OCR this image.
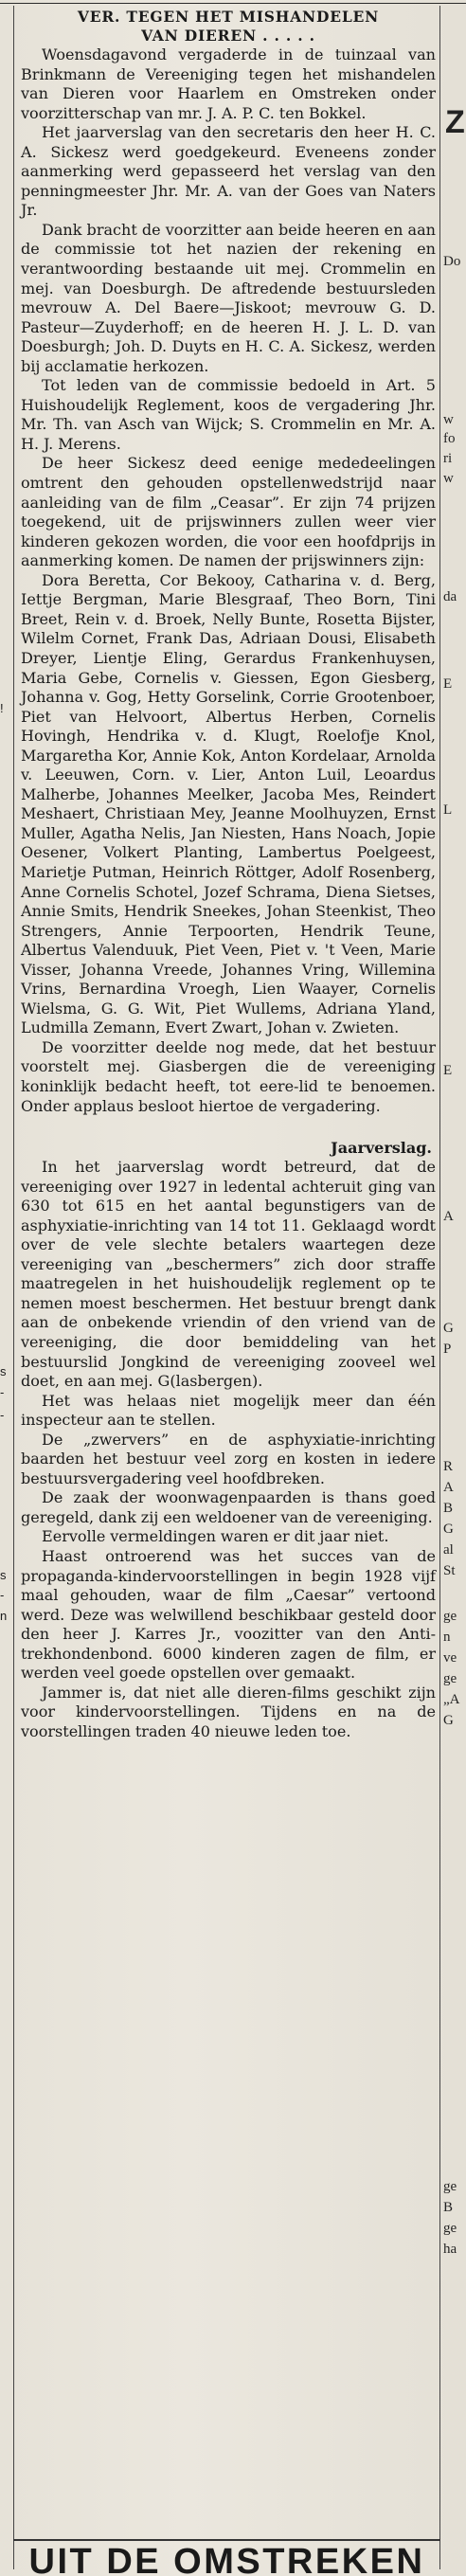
!
s
-
-
s
-
n
Z
Do
w
fo
ri
w
da
E
L
E
A
G
P
R
A
B
G
al
St
ge
n
ve
ge
„A
G
ge
B
ge
ha

VER. TEGEN HET MISHANDELEN
VAN DIEREN . . . . .

Woensdagavond vergaderde in de tuinzaal van Brinkmann de Vereeniging tegen het mishandelen van Dieren voor Haarlem en Omstreken onder voorzitterschap van mr. J. A. P. C. ten Bokkel.

Het jaarverslag van den secretaris den heer H. C. A. Sickesz werd goedgekeurd. Eveneens zonder aanmerking werd gepasseerd het verslag van den penningmeester Jhr. Mr. A. van der Goes van Naters Jr.

Dank bracht de voorzitter aan beide heeren en aan de commissie tot het nazien der rekening en verantwoording bestaande uit mej. Crommelin en mej. van Doesburgh. De aftredende bestuursleden mevrouw A. Del Baere—Jiskoot; mevrouw G. D. Pasteur—Zuyderhoff; en de heeren H. J. L. D. van Doesburgh; Joh. D. Duyts en H. C. A. Sickesz, werden bij acclamatie herkozen.

Tot leden van de commissie bedoeld in Art. 5 Huishoudelijk Reglement, koos de vergadering Jhr. Mr. Th. van Asch van Wijck; S. Crommelin en Mr. A. H. J. Merens.

De heer Sickesz deed eenige mededeelingen omtrent den gehouden opstellenwedstrijd naar aanleiding van de film „Ceasar”. Er zijn 74 prijzen toegekend, uit de prijswinners zullen weer vier kinderen gekozen worden, die voor een hoofdprijs in aanmerking komen. De namen der prijswinners zijn:

Dora Beretta, Cor Bekooy, Catharina v. d. Berg, Iettje Bergman, Marie Blesgraaf, Theo Born, Tini Breet, Rein v. d. Broek, Nelly Bunte, Rosetta Bijster, Wilelm Cornet, Frank Das, Adriaan Dousi, Elisabeth Dreyer, Lientje Eling, Gerardus Frankenhuysen, Maria Gebe, Cornelis v. Giessen, Egon Giesberg, Johanna v. Gog, Hetty Gorselink, Corrie Grootenboer, Piet van Helvoort, Albertus Herben, Cornelis Hovingh, Hendrika v. d. Klugt, Roelofje Knol, Margaretha Kor, Annie Kok, Anton Kordelaar, Arnolda v. Leeuwen, Corn. v. Lier, Anton Luil, Leoardus Malherbe, Johannes Meelker, Jacoba Mes, Reindert Meshaert, Christiaan Mey, Jeanne Moolhuyzen, Ernst Muller, Agatha Nelis, Jan Niesten, Hans Noach, Jopie Oesener, Volkert Planting, Lambertus Poelgeest, Marietje Putman, Heinrich Röttger, Adolf Rosenberg, Anne Cornelis Schotel, Jozef Schrama, Diena Sietses, Annie Smits, Hendrik Sneekes, Johan Steenkist, Theo Strengers, Annie Terpoorten, Hendrik Teune, Albertus Valenduuk, Piet Veen, Piet v. 't Veen, Marie Visser, Johanna Vreede, Johannes Vring, Willemina Vrins, Bernardina Vroegh, Lien Waayer, Cornelis Wielsma, G. G. Wit, Piet Wullems, Adriana Yland, Ludmilla Zemann, Evert Zwart, Johan v. Zwieten.

De voorzitter deelde nog mede, dat het bestuur voorstelt mej. Giasbergen die de vereeniging koninklijk bedacht heeft, tot eere-lid te benoemen. Onder applaus besloot hiertoe de vergadering.

Jaarverslag.

In het jaarverslag wordt betreurd, dat de vereeniging over 1927 in ledental achteruit ging van 630 tot 615 en het aantal begunstigers van de asphyxiatie-inrichting van 14 tot 11. Geklaagd wordt over de vele slechte betalers waartegen deze vereeniging van „beschermers” zich door straffe maatregelen in het huishoudelijk reglement op te nemen moest beschermen. Het bestuur brengt dank aan de onbekende vriendin of den vriend van de vereeniging, die door bemiddeling van het bestuurslid Jongkind de vereeniging zooveel wel doet, en aan mej. G(lasbergen).

Het was helaas niet mogelijk meer dan één inspecteur aan te stellen.

De „zwervers” en de asphyxiatie-inrichting baarden het bestuur veel zorg en kosten in iedere bestuursvergadering veel hoofdbreken.

De zaak der woonwagenpaarden is thans goed geregeld, dank zij een weldoener van de vereeniging.

Eervolle vermeldingen waren er dit jaar niet.

Haast ontroerend was het succes van de propaganda-kindervoorstellingen in begin 1928 vijf maal gehouden, waar de film „Caesar” vertoond werd. Deze was welwillend beschikbaar gesteld door den heer J. Karres Jr., voozitter van den Anti-trekhondenbond. 6000 kinderen zagen de film, er werden veel goede opstellen over gemaakt.

Jammer is, dat niet alle dieren-films geschikt zijn voor kindervoorstellingen. Tijdens en na de voorstellingen traden 40 nieuwe leden toe.

UIT DE OMSTREKEN
